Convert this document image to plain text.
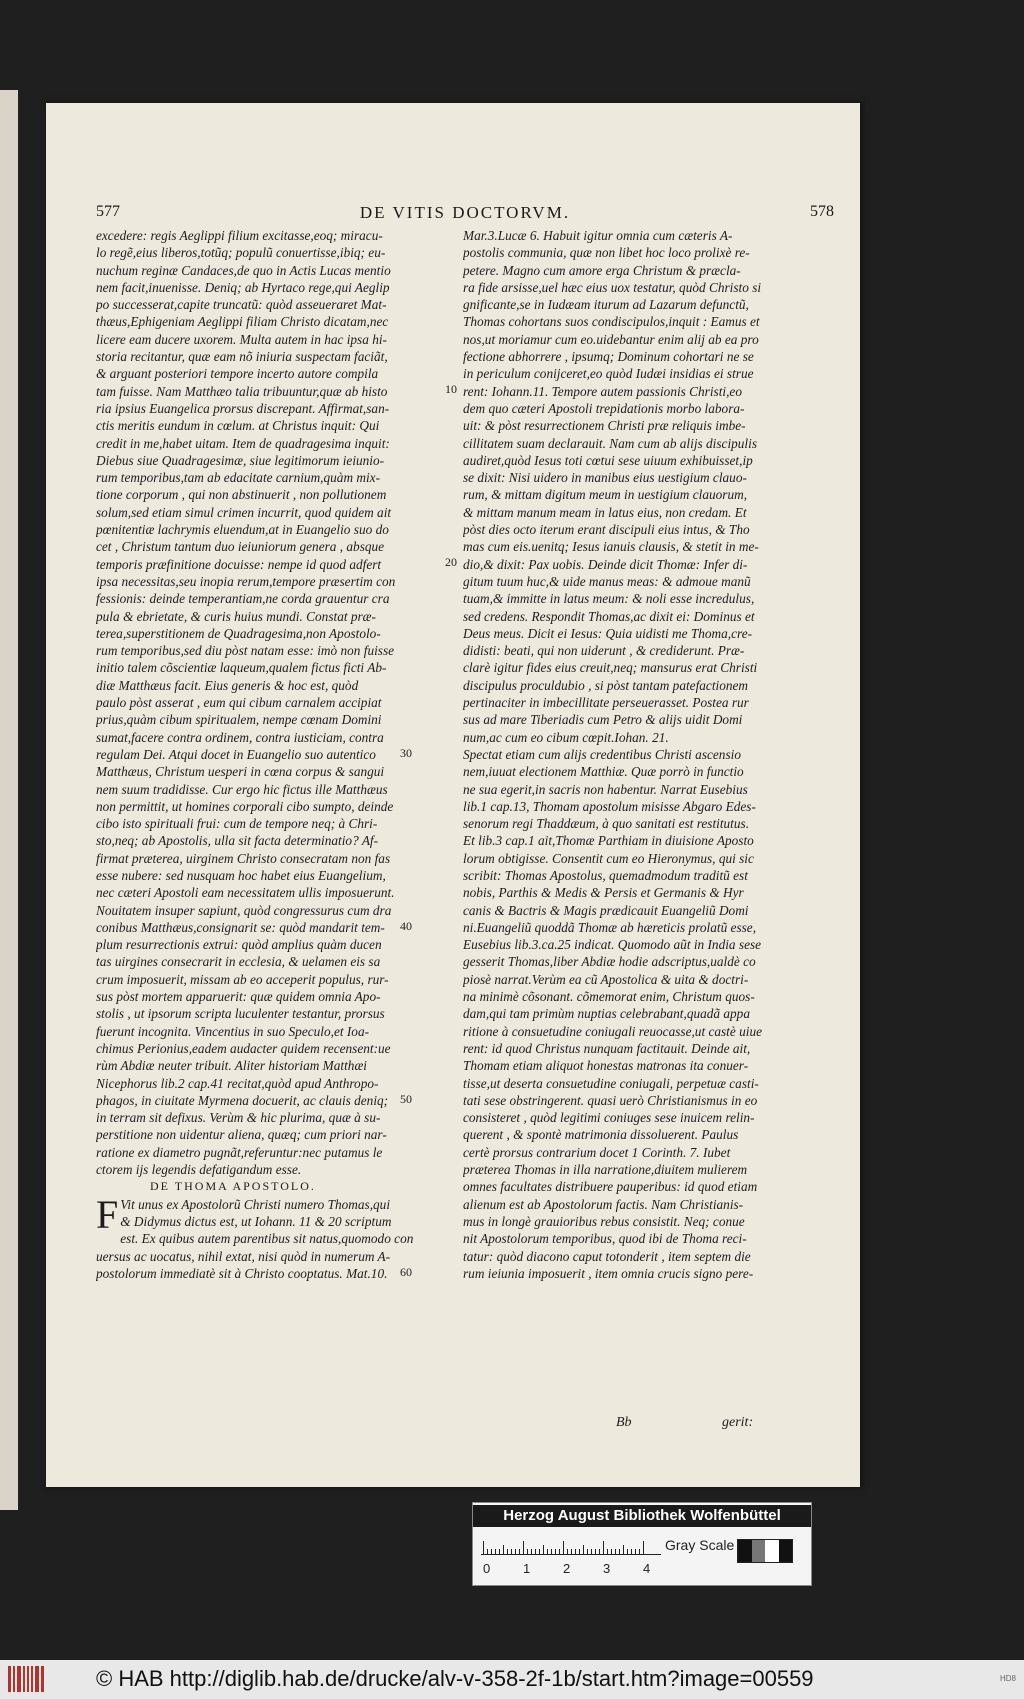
577	DE VITIS DOCTORVM.	578
excedere: regis Aeglippi filium excitasse,eoq; miracu-
lo regẽ,eius liberos,totũq; populũ conuertisse,ibiq; eu-
nuchum reginæ Candaces,de quo in Actis Lucas mentio
nem facit,inuenisse. Deniq; ab Hyrtaco rege,qui Aeglip
po successerat,capite truncatũ: quòd asseueraret Mat-
thæus,Ephigeniam Aeglippi filiam Christo dicatam,nec
licere eam ducere uxorem. Multa autem in hac ipsa hi-
storia recitantur, quæ eam nõ iniuria suspectam faciãt,
& arguant posteriori tempore incerto autore compila
tam fuisse. Nam Matthæo talia tribuuntur,quæ ab histo
ria ipsius Euangelica prorsus discrepant. Affirmat,san-
ctis meritis eundum in cœlum. at Christus inquit: Qui
credit in me,habet uitam. Item de quadragesima inquit:
Diebus siue Quadragesimæ, siue legitimorum ieiunio-
rum temporibus,tam ab edacitate carnium,quàm mix-
tione corporum , qui non abstinuerit , non pollutionem
solum,sed etiam simul crimen incurrit, quod quidem ait
pœnitentiæ lachrymis eluendum,at in Euangelio suo do
cet , Christum tantum duo ieiuniorum genera , absque
temporis præfinitione docuisse: nempe id quod adfert
ipsa necessitas,seu inopia rerum,tempore præsertim con
fessionis: deinde temperantiam,ne corda grauentur cra
pula & ebrietate, & curis huius mundi. Constat præ-
terea,superstitionem de Quadragesima,non Apostolo-
rum temporibus,sed diu pòst natam esse: imò non fuisse
initio talem cõscientiæ laqueum,qualem fictus ficti Ab-
diæ Matthæus facit. Eius generis & hoc est, quòd
paulo pòst asserat , eum qui cibum carnalem accipiat
prius,quàm cibum spiritualem, nempe cœnam Domini
sumat,facere contra ordinem, contra iusticiam, contra
regulam Dei. Atqui docet in Euangelio suo autentico
Matthæus, Christum uesperi in cœna corpus & sangui
nem suum tradidisse. Cur ergo hic fictus ille Matthæus
non permittit, ut homines corporali cibo sumpto, deinde
cibo isto spirituali frui: cum de tempore neq; à Chri-
sto,neq; ab Apostolis, ulla sit facta determinatio? Af-
firmat præterea, uirginem Christo consecratam non fas
esse nubere: sed nusquam hoc habet eius Euangelium,
nec cæteri Apostoli eam necessitatem ullis imposuerunt.
Nouitatem insuper sapiunt, quòd congressurus cum dra
conibus Matthæus,consignarit se: quòd mandarit tem-
plum resurrectionis extrui: quòd amplius quàm ducen
tas uirgines consecrarit in ecclesia, & uelamen eis sa
crum imposuerit, missam ab eo acceperit populus, rur-
sus pòst mortem apparuerit: quæ quidem omnia Apo-
stolis , ut ipsorum scripta luculenter testantur, prorsus
fuerunt incognita. Vincentius in suo Speculo,et Ioa-
chimus Perionius,eadem audacter quidem recensent:ue
rùm Abdiæ neuter tribuit. Aliter historiam Matthæi
Nicephorus lib.2 cap.41 recitat,quòd apud Anthropo-
phagos, in ciuitate Myrmena docuerit, ac clauis deniq;
in terram sit defixus. Verùm & hic plurima, quæ à su-
perstitione non uidentur aliena, quæq; cum priori nar-
ratione ex diametro pugnãt,referuntur:nec putamus le
ctorem ijs legendis defatigandum esse.
DE THOMA APOSTOLO.
F Vit unus ex Apostolorũ Christi numero Thomas,qui
& Didymus dictus est, ut Iohann. 11 & 20 scriptum
est. Ex quibus autem parentibus sit natus,quomodo con
uersus ac uocatus, nihil extat, nisi quòd in numerum A-
postolorum immediatè sit à Christo cooptatus. Mat.10.
Mar.3.Lucæ 6. Habuit igitur omnia cum cæteris A-
postolis communia, quæ non libet hoc loco prolixè re-
petere. Magno cum amore erga Christum & præcla-
ra fide arsisse,uel hæc eius uox testatur, quòd Christo si
gnificante,se in Iudæam iturum ad Lazarum defunctũ,
Thomas cohortans suos condiscipulos,inquit : Eamus et
nos,ut moriamur cum eo.uidebantur enim alij ab ea pro
fectione abhorrere , ipsumq; Dominum cohortari ne se
in periculum conijceret,eo quòd Iudæi insidias ei strue
rent: Iohann.11. Tempore autem passionis Christi,eo
dem quo cæteri Apostoli trepidationis morbo labora-
uit: & pòst resurrectionem Christi præ reliquis imbe-
cillitatem suam declarauit. Nam cum ab alijs discipulis
audiret,quòd Iesus toti cœtui sese uiuum exhibuisset,ip
se dixit: Nisi uidero in manibus eius uestigium clauo-
rum, & mittam digitum meum in uestigium clauorum,
& mittam manum meam in latus eius, non credam. Et
pòst dies octo iterum erant discipuli eius intus, & Tho
mas cum eis.uenitq; Iesus ianuis clausis, & stetit in me-
dio,& dixit: Pax uobis. Deinde dicit Thomæ: Infer di-
gitum tuum huc,& uide manus meas: & admoue manũ
tuam,& immitte in latus meum: & noli esse incredulus,
sed credens. Respondit Thomas,ac dixit ei: Dominus et
Deus meus. Dicit ei Iesus: Quia uidisti me Thoma,cre-
didisti: beati, qui non uiderunt , & crediderunt. Præ-
clarè igitur fides eius creuit,neq; mansurus erat Christi
discipulus proculdubio , si pòst tantam patefactionem
pertinaciter in imbecillitate perseuerasset. Postea rur
sus ad mare Tiberiadis cum Petro & alijs uidit Domi
num,ac cum eo cibum cœpit.Iohan. 21.
Spectat etiam cum alijs credentibus Christi ascensio
nem,iuuat electionem Matthiæ. Quæ porrò in functio
ne sua egerit,in sacris non habentur. Narrat Eusebius
lib.1 cap.13, Thomam apostolum misisse Abgaro Edes-
senorum regi Thaddæum, à quo sanitati est restitutus.
Et lib.3 cap.1 ait,Thomæ Parthiam in diuisione Aposto
lorum obtigisse. Consentit cum eo Hieronymus, qui sic
scribit: Thomas Apostolus, quemadmodum traditũ est
nobis, Parthis & Medis & Persis et Germanis & Hyr
canis & Bactris & Magis prædicauit Euangeliũ Domi
ni.Euangeliũ quoddã Thomæ ab hæreticis prolatũ esse,
Eusebius lib.3.ca.25 indicat. Quomodo aũt in India sese
gesserit Thomas,liber Abdiæ hodie adscriptus,ualdè co
piosè narrat.Verùm ea cũ Apostolica & uita & doctri-
na minimè cõsonant. cõmemorat enim, Christum quos-
dam,qui tam primùm nuptias celebrabant,quadã appa
ritione à consuetudine coniugali reuocasse,ut castè uiue
rent: id quod Christus nunquam factitauit. Deinde ait,
Thomam etiam aliquot honestas matronas ita conuer-
tisse,ut deserta consuetudine coniugali, perpetuæ casti-
tati sese obstringerent. quasi uerò Christianismus in eo
consisteret , quòd legitimi coniuges sese inuicem relin-
querent , & spontè matrimonia dissoluerent. Paulus
certè prorsus contrarium docet 1 Corinth. 7. Iubet
præterea Thomas in illa narratione,diuitem mulierem
omnes facultates distribuere pauperibus: id quod etiam
alienum est ab Apostolorum factis. Nam Christianis-
mus in longè grauioribus rebus consistit. Neq; conue
nit Apostolorum temporibus, quod ibi de Thoma reci-
tatur: quòd diacono caput totonderit , item septem die
rum ieiunia imposuerit , item omnia crucis signo pere-
10
20
30
40
50
60
Bb	gerit:
Herzog August Bibliothek Wolfenbüttel
0	1	2	3	4
Gray Scale
© HAB http://diglib.hab.de/drucke/alv-v-358-2f-1b/start.htm?image=00559	HD8
